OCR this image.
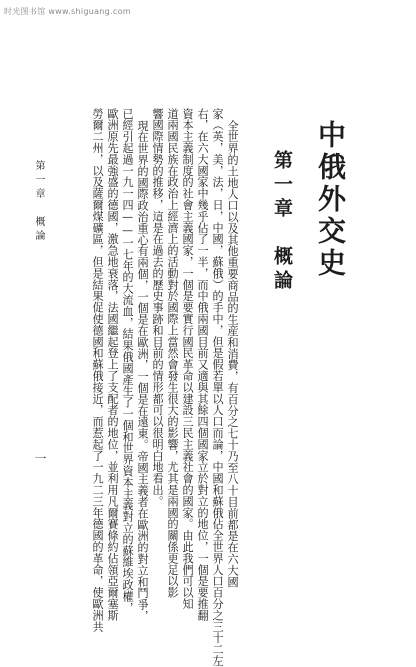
时光图书馆 www.shiguang.com
中俄外交史
第一章　概論
全世界的土地人口以及其他重要商品的生産和消費，有百分之七十乃至八十目前都是在六大國
家（英，美，法，日，中國，蘇俄）的手中，但是假若單以人口而論，中國和蘇俄佔全世界人口百分之三十二左
右，在六大國家中幾乎佔了一半，而中俄兩國目前又適與其餘四個國家立於對立的地位，一個是要推翻
資本主義制度的社會主義國家，一個是要實行國民革命以建設三民主義社會的國家。由此我們可以知
道兩國民族在政治上經濟上的活動對於國際上當然會發生很大的影響，尤其是兩國的關係更足以影
響國際情勢的推移，這是在過去的歷史事跡和目前的情形都可以很明白地看出。
現在世界的國際政治重心有兩個，一個是在歐洲，一個是在遠東。帝國主義者在歐洲的對立和鬥爭，
已經引起過一九一四——一七年的大流血，結果俄國產生了一個和世界資本主義對立的蘇維埃政權，
歐洲原先最強盛的德國，激急地衰落，法國繼起登上了支配者的地位，並利用凡爾賽條約佔領亞爾塞斯
勞爾二州，以及薩爾煤礦區，但是結果促使德國和蘇俄接近，而惹起了一九二三年德國的革命，使歐洲共
第一章　概論
一
